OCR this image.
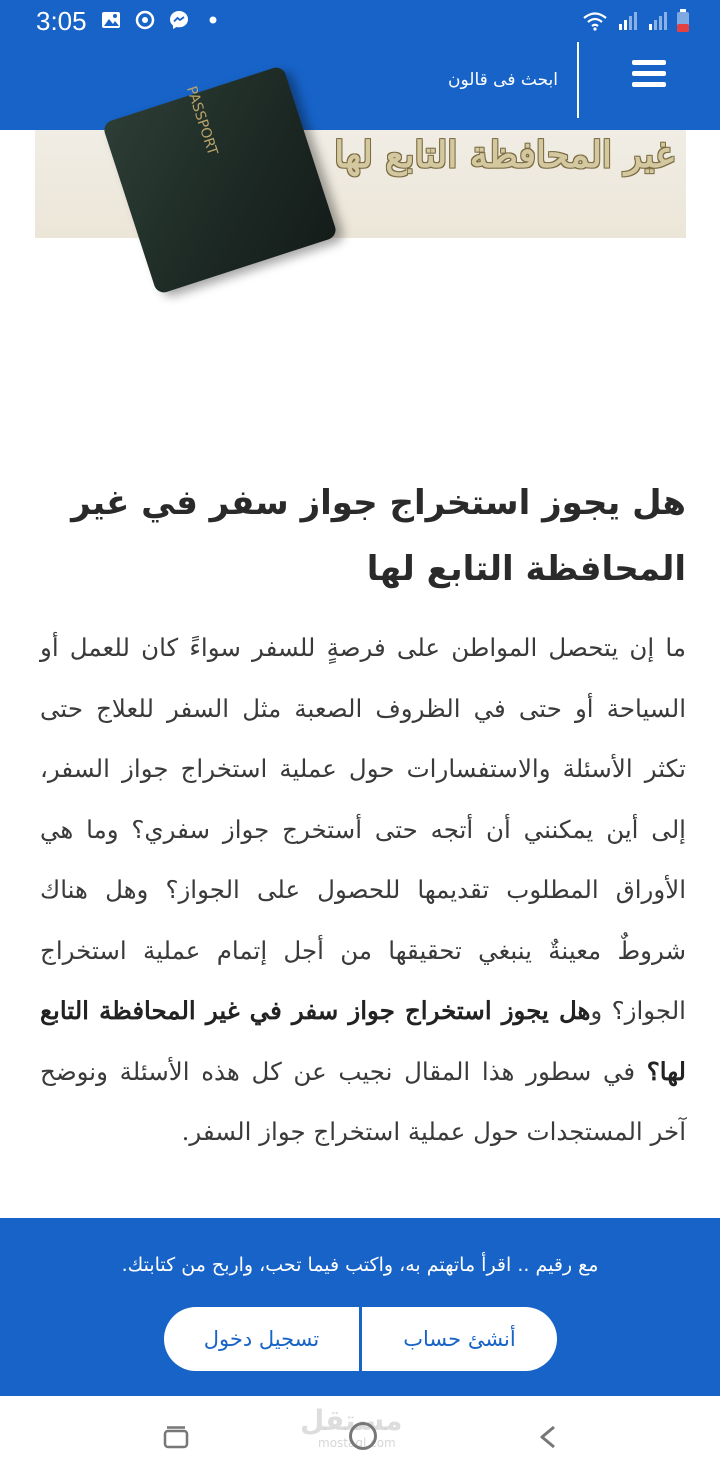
3:05
ابحث فى قالون
PASSPORT	غير المحافظة التابع لها
هل يجوز استخراج جواز سفر في غير المحافظة التابع لها

ما إن يتحصل المواطن على فرصةٍ للسفر سواءً كان للعمل أو السياحة أو حتى في الظروف الصعبة مثل السفر للعلاج حتى تكثر الأسئلة والاستفسارات حول عملية استخراج جواز السفر، إلى أين يمكنني أن أتجه حتى أستخرج جواز سفري؟ وما هي الأوراق المطلوب تقديمها للحصول على الجواز؟ وهل هناك شروطٌ معينةٌ ينبغي تحقيقها من أجل إتمام عملية استخراج الجواز؟ وهل يجوز استخراج جواز سفر في غير المحافظة التابع لها؟ في سطور هذا المقال نجيب عن كل هذه الأسئلة ونوضح آخر المستجدات حول عملية استخراج جواز السفر.

مع رقيم .. اقرأ ماتهتم به، واكتب فيما تحب، واربح من كتابتك.
أنشئ حساب
تسجيل دخول
مستقل
mostaql.com
